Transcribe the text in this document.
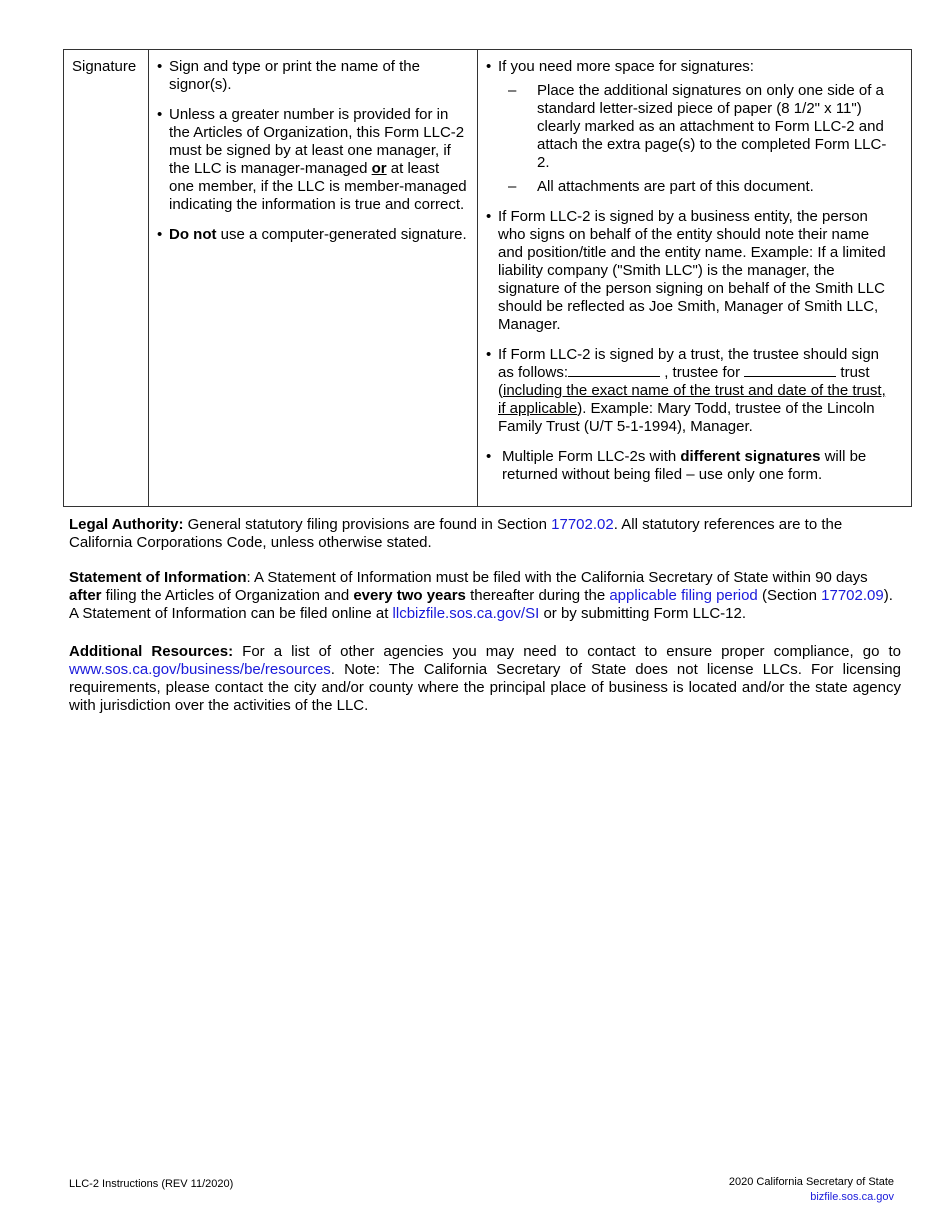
Signature

•Sign and type or print the name of the signor(s).
• Unless a greater number is provided for in the Articles of Organization, this Form LLC-2 must be signed by at least one manager, if the LLC is manager-managed or at least one member, if the LLC is member-managed indicating the information is true and correct.
• Do not use a computer-generated signature.

• If you need more space for signatures:
– Place the additional signatures on only one side of a standard letter-sized piece of paper (8 1/2" x 11") clearly marked as an attachment to Form LLC-2 and attach the extra page(s) to the completed Form LLC-2.
– All attachments are part of this document.
• If Form LLC-2 is signed by a business entity, the person who signs on behalf of the entity should note their name and position/title and the entity name. Example: If a limited liability company ("Smith LLC") is the manager, the signature of the person signing on behalf of the Smith LLC should be reflected as Joe Smith, Manager of Smith LLC, Manager.
• If Form LLC-2 is signed by a trust, the trustee should sign as follows:	, trustee for	trust (including the exact name of the trust and date of the trust, if applicable). Example: Mary Todd, trustee of the Lincoln Family Trust (U/T 5-1-1994), Manager.
• Multiple Form LLC-2s with different signatures will be returned without being filed – use only one form.

Legal Authority: General statutory filing provisions are found in Section 17702.02. All statutory references are to the California Corporations Code, unless otherwise stated.

Statement of Information: A Statement of Information must be filed with the California Secretary of State within 90 days after filing the Articles of Organization and every two years thereafter during the applicable filing period (Section 17702.09). A Statement of Information can be filed online at llcbizfile.sos.ca.gov/SI or by submitting Form LLC-12.

Additional Resources: For a list of other agencies you may need to contact to ensure proper compliance, go to www.sos.ca.gov/business/be/resources. Note: The California Secretary of State does not license LLCs. For licensing requirements, please contact the city and/or county where the principal place of business is located and/or the state agency with jurisdiction over the activities of the LLC.

LLC-2 Instructions (REV 11/2020)	2020 California Secretary of State
bizfile.sos.ca.gov
